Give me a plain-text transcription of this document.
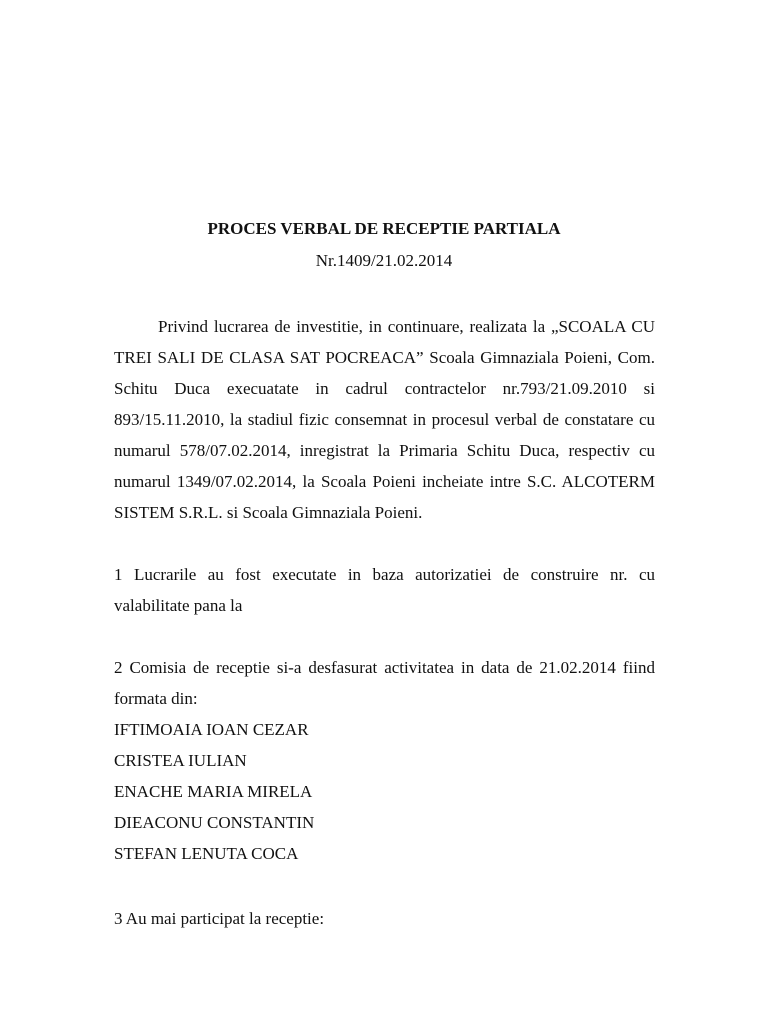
PROCES VERBAL DE RECEPTIE PARTIALA
Nr.1409/21.02.2014

Privind lucrarea de investitie, in continuare, realizata la „SCOALA CU TREI SALI DE CLASA SAT POCREACA” Scoala Gimnaziala Poieni, Com. Schitu Duca execuatate in cadrul contractelor nr.793/21.09.2010 si 893/15.11.2010, la stadiul fizic consemnat in procesul verbal de constatare cu numarul 578/07.02.2014, inregistrat la Primaria Schitu Duca, respectiv cu numarul 1349/07.02.2014, la Scoala Poieni incheiate intre S.C. ALCOTERM SISTEM S.R.L. si Scoala Gimnaziala Poieni.

1 Lucrarile au fost executate in baza autorizatiei de construire nr. cu valabilitate pana la

2 Comisia de receptie si-a desfasurat activitatea in data de 21.02.2014 fiind formata din:

IFTIMOAIA IOAN CEZAR
CRISTEA IULIAN
ENACHE MARIA MIRELA
DIEACONU CONSTANTIN
STEFAN LENUTA COCA
3 Au mai participat la receptie:
